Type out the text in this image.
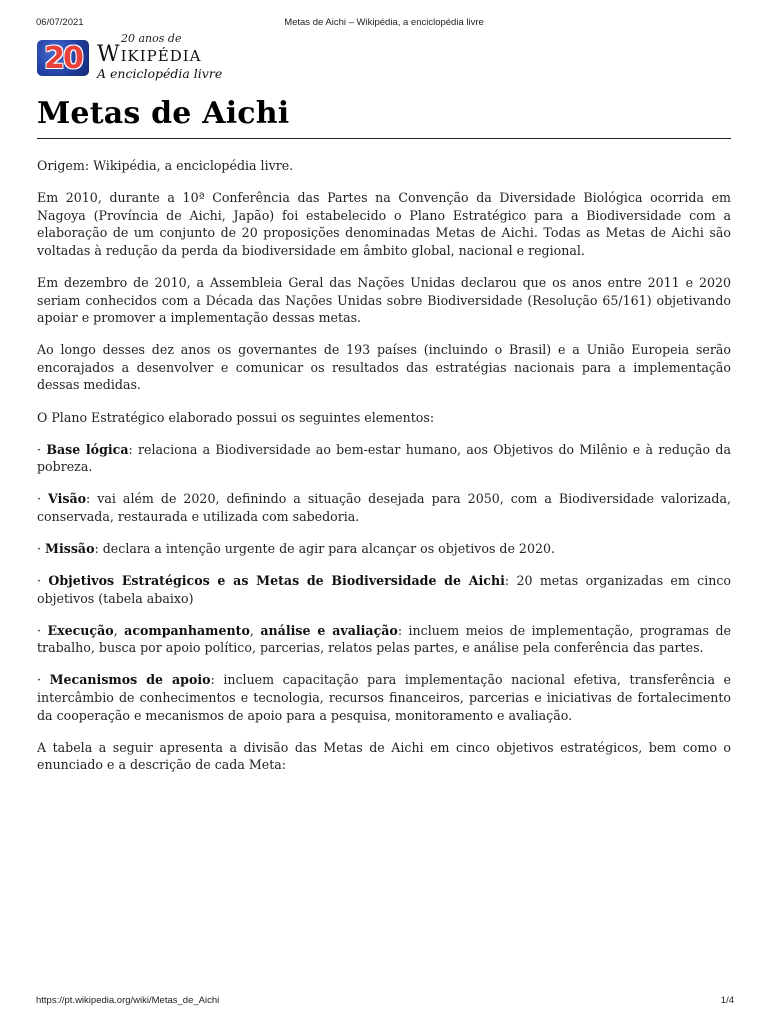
06/07/2021	Metas de Aichi – Wikipédia, a enciclopédia livre
20
20 anos de
Wikipédia
A enciclopédia livre
Metas de Aichi

Origem: Wikipédia, a enciclopédia livre.

Em 2010, durante a 10ª Conferência das Partes na Convenção da Diversidade Biológica ocorrida em Nagoya (Província de Aichi, Japão) foi estabelecido o Plano Estratégico para a Biodiversidade com a elaboração de um conjunto de 20 proposições denominadas Metas de Aichi. Todas as Metas de Aichi são voltadas à redução da perda da biodiversidade em âmbito global, nacional e regional.

Em dezembro de 2010, a Assembleia Geral das Nações Unidas declarou que os anos entre 2011 e 2020 seriam conhecidos com a Década das Nações Unidas sobre Biodiversidade (Resolução 65/161) objetivando apoiar e promover a implementação dessas metas.

Ao longo desses dez anos os governantes de 193 países (incluindo o Brasil) e a União Europeia serão encorajados a desenvolver e comunicar os resultados das estratégias nacionais para a implementação dessas medidas.

O Plano Estratégico elaborado possui os seguintes elementos:

· Base lógica: relaciona a Biodiversidade ao bem-estar humano, aos Objetivos do Milênio e à redução da pobreza.

· Visão: vai além de 2020, definindo a situação desejada para 2050, com a Biodiversidade valorizada, conservada, restaurada e utilizada com sabedoria.

· Missão: declara a intenção urgente de agir para alcançar os objetivos de 2020.

· Objetivos Estratégicos e as Metas de Biodiversidade de Aichi: 20 metas organizadas em cinco objetivos (tabela abaixo)

· Execução, acompanhamento, análise e avaliação: incluem meios de implementação, programas de trabalho, busca por apoio político, parcerias, relatos pelas partes, e análise pela conferência das partes.

· Mecanismos de apoio: incluem capacitação para implementação nacional efetiva, transferência e intercâmbio de conhecimentos e tecnologia, recursos financeiros, parcerias e iniciativas de fortalecimento da cooperação e mecanismos de apoio para a pesquisa, monitoramento e avaliação.

A tabela a seguir apresenta a divisão das Metas de Aichi em cinco objetivos estratégicos, bem como o enunciado e a descrição de cada Meta:

https://pt.wikipedia.org/wiki/Metas_de_Aichi	1/4
